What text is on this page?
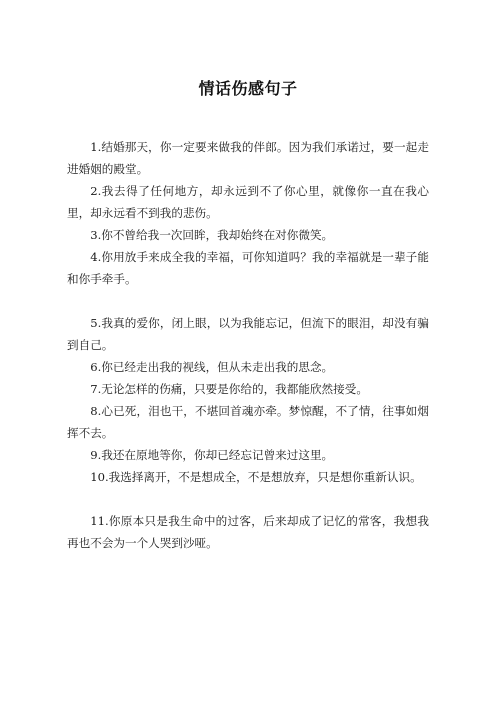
情话伤感句子

1.结婚那天，你一定要来做我的伴郎。因为我们承诺过，要一起走进婚姻的殿堂。

2.我去得了任何地方，却永远到不了你心里，就像你一直在我心里，却永远看不到我的悲伤。

3.你不曾给我一次回眸，我却始终在对你微笑。

4.你用放手来成全我的幸福，可你知道吗？我的幸福就是一辈子能和你手牵手。

5.我真的爱你，闭上眼，以为我能忘记，但流下的眼泪，却没有骗到自己。

6.你已经走出我的视线，但从未走出我的思念。

7.无论怎样的伤痛，只要是你给的，我都能欣然接受。

8.心已死，泪也干，不堪回首魂亦牵。梦惊醒，不了情，往事如烟挥不去。

9.我还在原地等你，你却已经忘记曾来过这里。

10.我选择离开，不是想成全，不是想放弃，只是想你重新认识。

11.你原本只是我生命中的过客，后来却成了记忆的常客，我想我再也不会为一个人哭到沙哑。
